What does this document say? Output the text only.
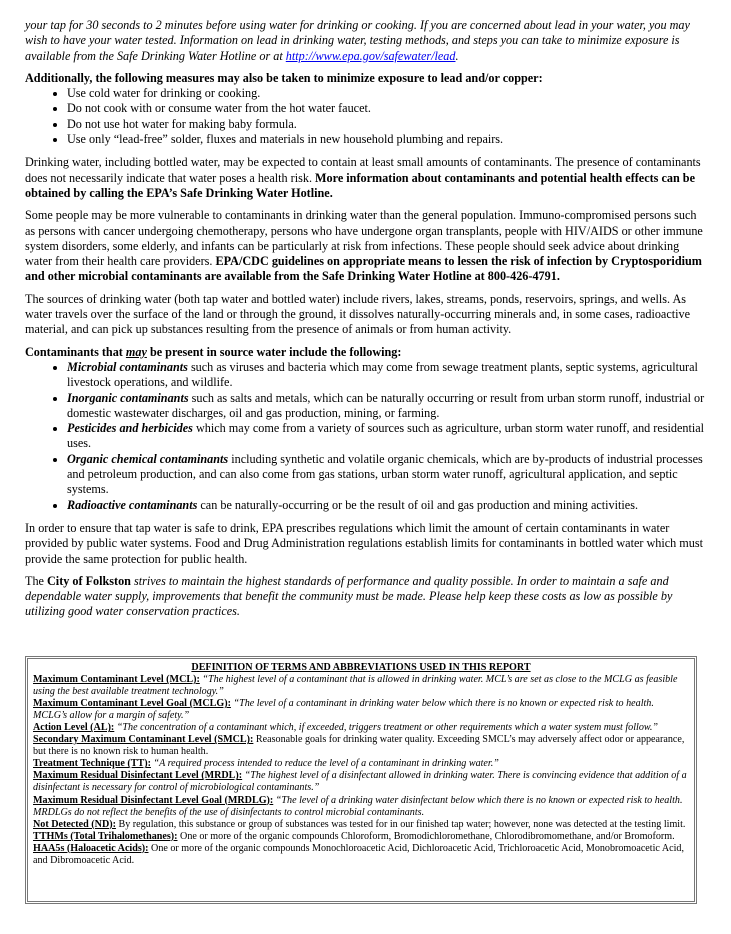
your tap for 30 seconds to 2 minutes before using water for drinking or cooking. If you are concerned about lead in your water, you may wish to have your water tested. Information on lead in drinking water, testing methods, and steps you can take to minimize exposure is available from the Safe Drinking Water Hotline or at http://www.epa.gov/safewater/lead.

Additionally, the following measures may also be taken to minimize exposure to lead and/or copper:

• Use cold water for drinking or cooking.
• Do not cook with or consume water from the hot water faucet.
• Do not use hot water for making baby formula.
• Use only “lead-free” solder, fluxes and materials in new household plumbing and repairs.

Drinking water, including bottled water, may be expected to contain at least small amounts of contaminants. The presence of contaminants does not necessarily indicate that water poses a health risk. More information about contaminants and potential health effects can be obtained by calling the EPA’s Safe Drinking Water Hotline.

Some people may be more vulnerable to contaminants in drinking water than the general population. Immuno-compromised persons such as persons with cancer undergoing chemotherapy, persons who have undergone organ transplants, people with HIV/AIDS or other immune system disorders, some elderly, and infants can be particularly at risk from infections. These people should seek advice about drinking water from their health care providers. EPA/CDC guidelines on appropriate means to lessen the risk of infection by Cryptosporidium and other microbial contaminants are available from the Safe Drinking Water Hotline at 800-426-4791.

The sources of drinking water (both tap water and bottled water) include rivers, lakes, streams, ponds, reservoirs, springs, and wells. As water travels over the surface of the land or through the ground, it dissolves naturally-occurring minerals and, in some cases, radioactive material, and can pick up substances resulting from the presence of animals or from human activity.

Contaminants that may be present in source water include the following:

• Microbial contaminants such as viruses and bacteria which may come from sewage treatment plants, septic systems, agricultural livestock operations, and wildlife.
• Inorganic contaminants such as salts and metals, which can be naturally occurring or result from urban storm runoff, industrial or domestic wastewater discharges, oil and gas production, mining, or farming.
• Pesticides and herbicides which may come from a variety of sources such as agriculture, urban storm water runoff, and residential uses.
• Organic chemical contaminants including synthetic and volatile organic chemicals, which are by-products of industrial processes and petroleum production, and can also come from gas stations, urban storm water runoff, agricultural application, and septic systems.
• Radioactive contaminants can be naturally-occurring or be the result of oil and gas production and mining activities.

In order to ensure that tap water is safe to drink, EPA prescribes regulations which limit the amount of certain contaminants in water provided by public water systems. Food and Drug Administration regulations establish limits for contaminants in bottled water which must provide the same protection for public health.

The City of Folkston strives to maintain the highest standards of performance and quality possible. In order to maintain a safe and dependable water supply, improvements that benefit the community must be made. Please help keep these costs as low as possible by utilizing good water conservation practices.

DEFINITION OF TERMS AND ABBREVIATIONS USED IN THIS REPORT
Maximum Contaminant Level (MCL): “The highest level of a contaminant that is allowed in drinking water. MCL’s are set as close to the MCLG as feasible using the best available treatment technology.”
Maximum Contaminant Level Goal (MCLG): “The level of a contaminant in drinking water below which there is no known or expected risk to health. MCLG’s allow for a margin of safety.”
Action Level (AL): “The concentration of a contaminant which, if exceeded, triggers treatment or other requirements which a water system must follow.”
Secondary Maximum Contaminant Level (SMCL): Reasonable goals for drinking water quality. Exceeding SMCL’s may adversely affect odor or appearance, but there is no known risk to human health.
Treatment Technique (TT): “A required process intended to reduce the level of a contaminant in drinking water.”
Maximum Residual Disinfectant Level (MRDL): “The highest level of a disinfectant allowed in drinking water. There is convincing evidence that addition of a disinfectant is necessary for control of microbiological contaminants.”
Maximum Residual Disinfectant Level Goal (MRDLG): “The level of a drinking water disinfectant below which there is no known or expected risk to health. MRDLGs do not reflect the benefits of the use of disinfectants to control microbial contaminants.
Not Detected (ND): By regulation, this substance or group of substances was tested for in our finished tap water; however, none was detected at the testing limit.
TTHMs (Total Trihalomethanes): One or more of the organic compounds Chloroform, Bromodichloromethane, Chlorodibromomethane, and/or Bromoform.
HAA5s (Haloacetic Acids): One or more of the organic compounds Monochloroacetic Acid, Dichloroacetic Acid, Trichloroacetic Acid, Monobromoacetic Acid, and Dibromoacetic Acid.
